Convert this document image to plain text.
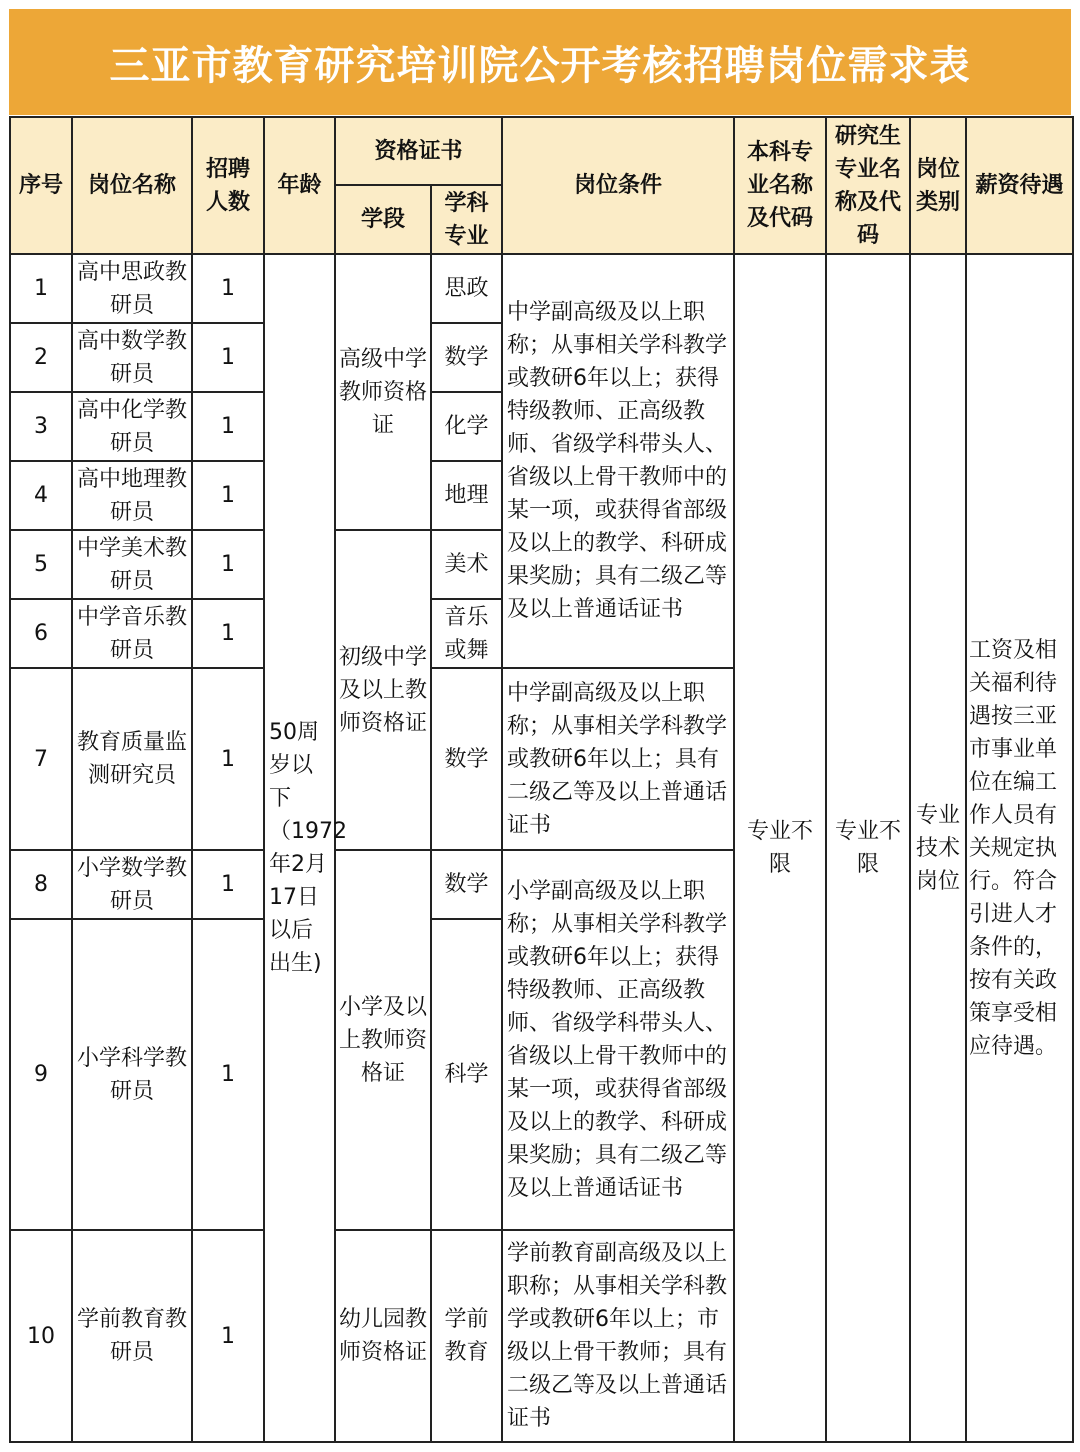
三亚市教育研究培训院公开考核招聘岗位需求表
序号	岗位名称	招聘人数	年龄	资格证书		岗位条件	本科专业名称及代码	研究生专业名称及代码	岗位类别	薪资待遇
				学段	学科专业					
1	高中思政教研员	1	50周岁以下（1972年2月17日以后出生)	高级中学教师资格证	思政	中学副高级及以上职称；从事相关学科教学或教研6年以上；获得特级教师、正高级教师、省级学科带头人、省级以上骨干教师中的某一项，或获得省部级及以上的教学、科研成果奖励；具有二级乙等及以上普通话证书	专业不限	专业不限	专业技术岗位	工资及相关福利待遇按三亚市事业单位在编工作人员有关规定执行。符合引进人才条件的，按有关政策享受相应待遇。
2	高中数学教研员	1			数学					
3	高中化学教研员	1			化学					
4	高中地理教研员	1			地理					
5	中学美术教研员	1		初级中学及以上教师资格证	美术					
6	中学音乐教研员	1			音乐或舞					
7	教育质量监测研究员	1			数学	中学副高级及以上职称；从事相关学科教学或教研6年以上；具有二级乙等及以上普通话证书				
8	小学数学教研员	1		小学及以上教师资格证	数学	小学副高级及以上职称；从事相关学科教学或教研6年以上；获得特级教师、正高级教师、省级学科带头人、省级以上骨干教师中的某一项，或获得省部级及以上的教学、科研成果奖励；具有二级乙等及以上普通话证书				
9	小学科学教研员	1			科学					
10	学前教育教研员	1		幼儿园教师资格证	学前教育	学前教育副高级及以上职称；从事相关学科教学或教研6年以上；市级以上骨干教师；具有二级乙等及以上普通话证书				
